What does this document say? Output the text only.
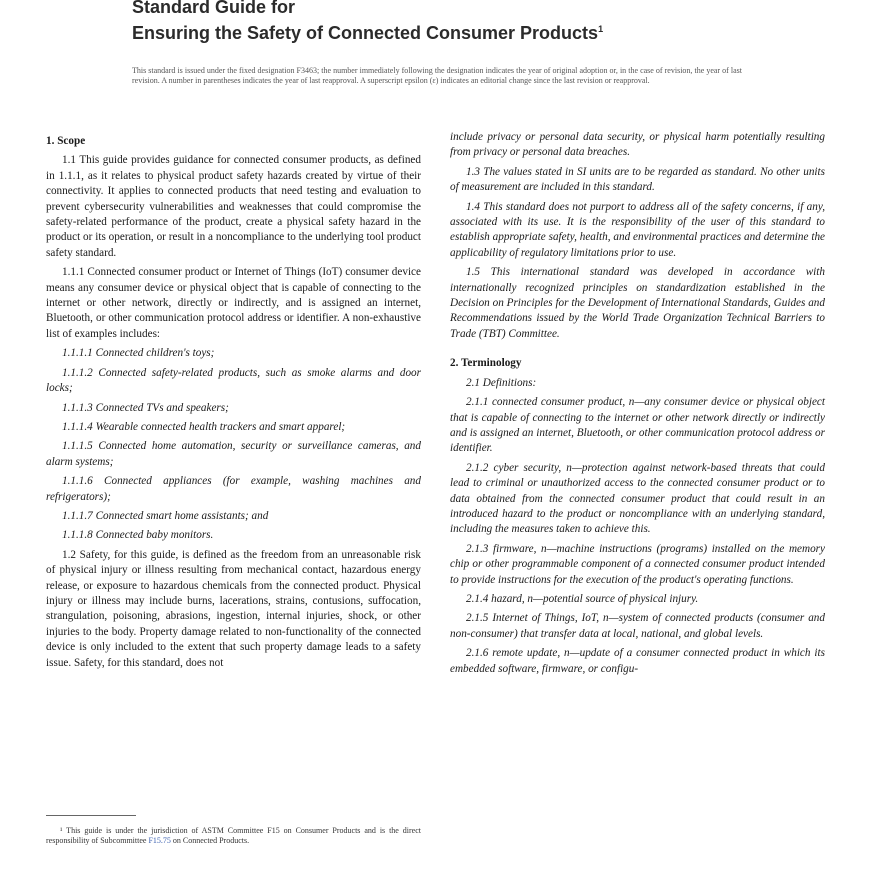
Standard Guide for
Ensuring the Safety of Connected Consumer Products$^1$
This standard is issued under the fixed designation F3463; the number immediately following the designation indicates the year of original adoption or, in the case of revision, the year of last revision. A number in parentheses indicates the year of last reapproval. A superscript epsilon (ε) indicates an editorial change since the last revision or reapproval.
1. Scope

1.1 This guide provides guidance for connected consumer products, as defined in 1.1.1, as it relates to physical product safety hazards created by virtue of their connectivity. It applies to connected products that need testing and evaluation to prevent cybersecurity vulnerabilities and weaknesses that could compromise the safety-related performance of the product, create a physical safety hazard in the product or its operation, or result in a noncompliance to the underlying tool product safety standard.

1.1.1 Connected consumer product or Internet of Things (IoT) consumer device means any consumer device or physical object that is capable of connecting to the internet or other network, directly or indirectly, and is assigned an internet, Bluetooth, or other communication protocol address or identifier. A non-exhaustive list of examples includes:

1.1.1.1 Connected children's toys;

1.1.1.2 Connected safety-related products, such as smoke alarms and door locks;

1.1.1.3 Connected TVs and speakers;

1.1.1.4 Wearable connected health trackers and smart apparel;

1.1.1.5 Connected home automation, security or surveillance cameras, and alarm systems;

1.1.1.6 Connected appliances (for example, washing machines and refrigerators);

1.1.1.7 Connected smart home assistants; and

1.1.1.8 Connected baby monitors.

1.2 Safety, for this guide, is defined as the freedom from an unreasonable risk of physical injury or illness resulting from mechanical contact, hazardous energy release, or exposure to hazardous chemicals from the connected product. Physical injury or illness may include burns, lacerations, strains, contusions, suffocation, strangulation, poisoning, abrasions, ingestion, internal injuries, shock, or other injuries to the body. Property damage related to non-functionality of the connected device is only included to the extent that such property damage leads to a safety issue. Safety, for this standard, does not

¹ This guide is under the jurisdiction of ASTM Committee F15 on Consumer Products and is the direct responsibility of Subcommittee F15.75 on Connected Products.

include privacy or personal data security, or physical harm potentially resulting from privacy or personal data breaches.

1.3 The values stated in SI units are to be regarded as standard. No other units of measurement are included in this standard.

1.4 This standard does not purport to address all of the safety concerns, if any, associated with its use. It is the responsibility of the user of this standard to establish appropriate safety, health, and environmental practices and determine the applicability of regulatory limitations prior to use.

1.5 This international standard was developed in accordance with internationally recognized principles on standardization established in the Decision on Principles for the Development of International Standards, Guides and Recommendations issued by the World Trade Organization Technical Barriers to Trade (TBT) Committee.

2. Terminology

2.1 Definitions:

2.1.1 connected consumer product, n—any consumer device or physical object that is capable of connecting to the internet or other network directly or indirectly and is assigned an internet, Bluetooth, or other communication protocol address or identifier.

2.1.2 cyber security, n—protection against network-based threats that could lead to criminal or unauthorized access to the connected consumer product or to data obtained from the connected consumer product that could result in an introduced hazard to the product or noncompliance with an underlying standard, including the measures taken to achieve this.

2.1.3 firmware, n—machine instructions (programs) installed on the memory chip or other programmable component of a connected consumer product intended to provide instructions for the execution of the product's operating functions.

2.1.4 hazard, n—potential source of physical injury.

2.1.5 Internet of Things, IoT, n—system of connected products (consumer and non-consumer) that transfer data at local, national, and global levels.

2.1.6 remote update, n—update of a consumer connected product in which its embedded software, firmware, or configu-
